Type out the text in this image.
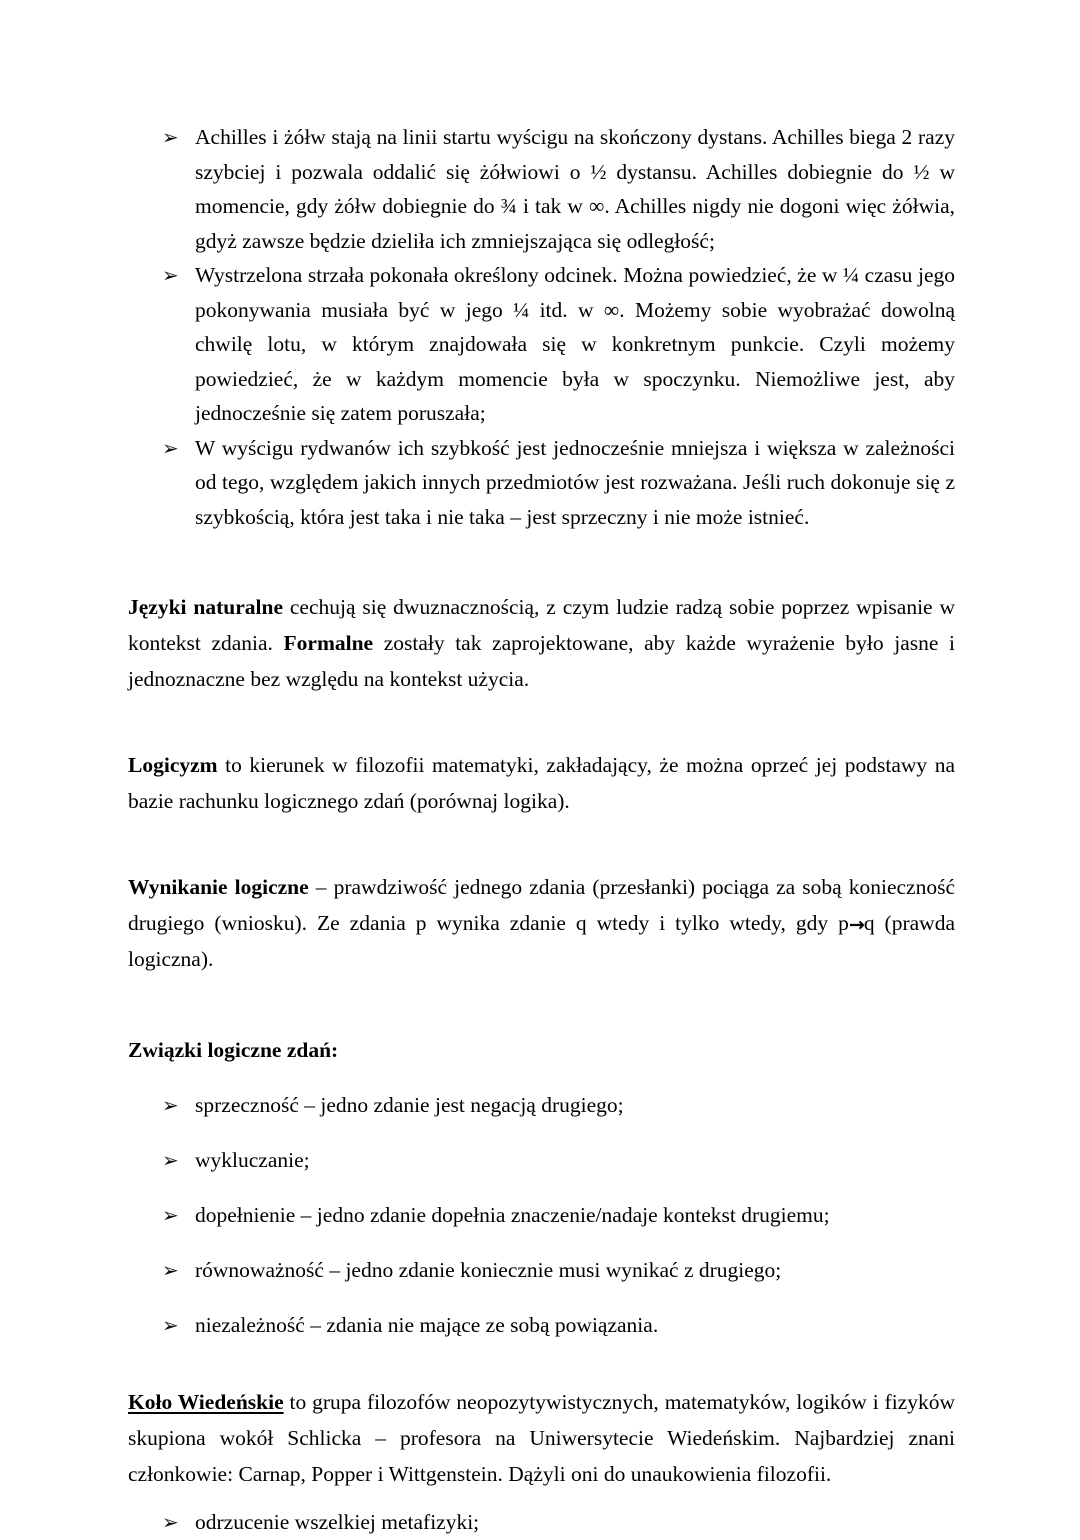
➢ Achilles i żółw stają na linii startu wyścigu na skończony dystans. Achilles biega 2 razy szybciej i pozwala oddalić się żółwiowi o ½ dystansu. Achilles dobiegnie do ½ w momencie, gdy żółw dobiegnie do ¾ i tak w ∞. Achilles nigdy nie dogoni więc żółwia, gdyż zawsze będzie dzieliła ich zmniejszająca się odległość;
➢ Wystrzelona strzała pokonała określony odcinek. Można powiedzieć, że w ¼ czasu jego pokonywania musiała być w jego ¼ itd. w ∞. Możemy sobie wyobrażać dowolną chwilę lotu, w którym znajdowała się w konkretnym punkcie. Czyli możemy powiedzieć, że w każdym momencie była w spoczynku. Niemożliwe jest, aby jednocześnie się zatem poruszała;
➢ W wyścigu rydwanów ich szybkość jest jednocześnie mniejsza i większa w zależności od tego, względem jakich innych przedmiotów jest rozważana. Jeśli ruch dokonuje się z szybkością, która jest taka i nie taka – jest sprzeczny i nie może istnieć.

Języki naturalne cechują się dwuznacznością, z czym ludzie radzą sobie poprzez wpisanie w kontekst zdania. Formalne zostały tak zaprojektowane, aby każde wyrażenie było jasne i jednoznaczne bez względu na kontekst użycia.

Logicyzm to kierunek w filozofii matematyki, zakładający, że można oprzeć jej podstawy na bazie rachunku logicznego zdań (porównaj logika).

Wynikanie logiczne – prawdziwość jednego zdania (przesłanki) pociąga za sobą konieczność drugiego (wniosku). Ze zdania p wynika zdanie q wtedy i tylko wtedy, gdy p→q (prawda logiczna).

Związki logiczne zdań:

➢ sprzeczność – jedno zdanie jest negacją drugiego;
➢ wykluczanie;
➢ dopełnienie – jedno zdanie dopełnia znaczenie/nadaje kontekst drugiemu;
➢ równoważność – jedno zdanie koniecznie musi wynikać z drugiego;
➢ niezależność – zdania nie mające ze sobą powiązania.

Koło Wiedeńskie to grupa filozofów neopozytywistycznych, matematyków, logików i fizyków skupiona wokół Schlicka – profesora na Uniwersytecie Wiedeńskim. Najbardziej znani członkowie: Carnap, Popper i Wittgenstein. Dążyli oni do unaukowienia filozofii.

➢ odrzucenie wszelkiej metafizyki;
